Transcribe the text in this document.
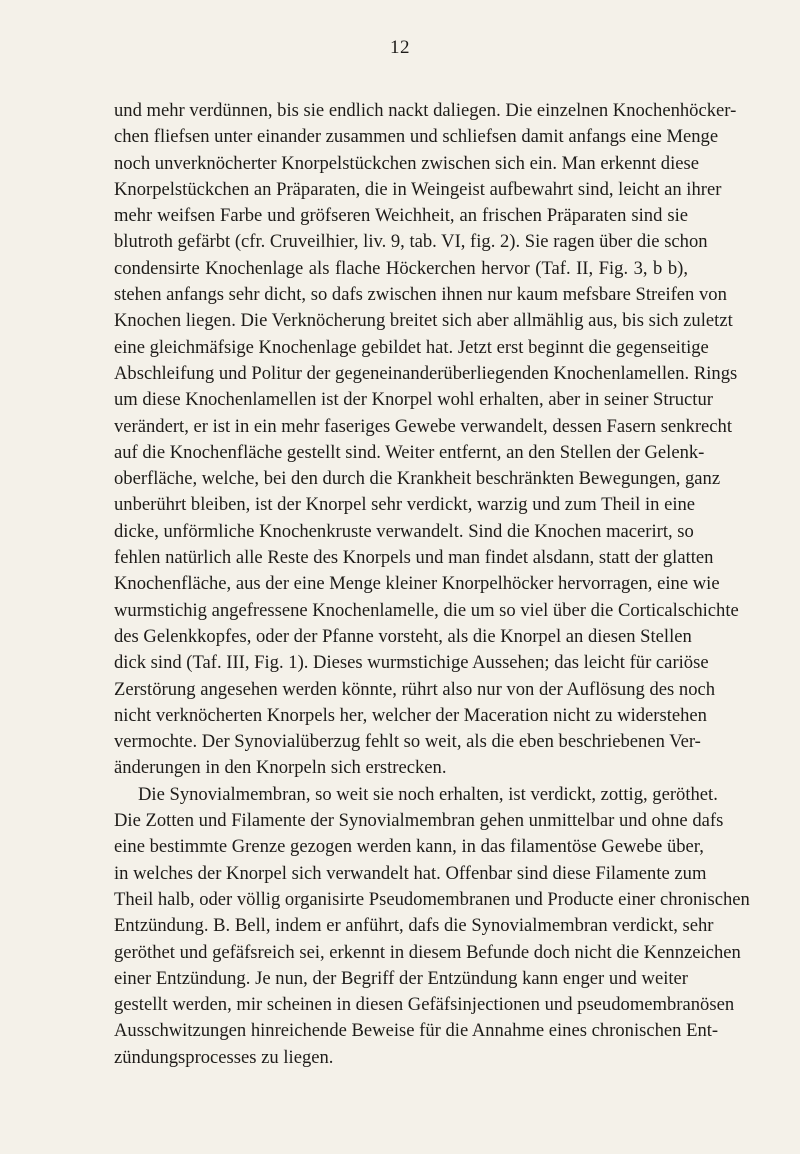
12
und mehr verdünnen, bis sie endlich nackt daliegen. Die einzelnen Knochenhöcker-
chen fliefsen unter einander zusammen und schliefsen damit anfangs eine Menge
noch unverknöcherter Knorpelstückchen zwischen sich ein. Man erkennt diese
Knorpelstückchen an Präparaten, die in Weingeist aufbewahrt sind, leicht an ihrer
mehr weifsen Farbe und gröfseren Weichheit, an frischen Präparaten sind sie
blutroth gefärbt (cfr. Cruveilhier, liv. 9, tab. VI, fig. 2). Sie ragen über die schon
condensirte Knochenlage als flache Höckerchen hervor (Taf. II, Fig. 3, b b),
stehen anfangs sehr dicht, so dafs zwischen ihnen nur kaum mefsbare Streifen von
Knochen liegen. Die Verknöcherung breitet sich aber allmählig aus, bis sich zuletzt
eine gleichmäfsige Knochenlage gebildet hat. Jetzt erst beginnt die gegenseitige
Abschleifung und Politur der gegeneinanderüberliegenden Knochenlamellen. Rings
um diese Knochenlamellen ist der Knorpel wohl erhalten, aber in seiner Structur
verändert, er ist in ein mehr faseriges Gewebe verwandelt, dessen Fasern senkrecht
auf die Knochenfläche gestellt sind. Weiter entfernt, an den Stellen der Gelenk-
oberfläche, welche, bei den durch die Krankheit beschränkten Bewegungen, ganz
unberührt bleiben, ist der Knorpel sehr verdickt, warzig und zum Theil in eine
dicke, unförmliche Knochenkruste verwandelt. Sind die Knochen macerirt, so
fehlen natürlich alle Reste des Knorpels und man findet alsdann, statt der glatten
Knochenfläche, aus der eine Menge kleiner Knorpelhöcker hervorragen, eine wie
wurmstichig angefressene Knochenlamelle, die um so viel über die Corticalschichte
des Gelenkkopfes, oder der Pfanne vorsteht, als die Knorpel an diesen Stellen
dick sind (Taf. III, Fig. 1). Dieses wurmstichige Aussehen; das leicht für cariöse
Zerstörung angesehen werden könnte, rührt also nur von der Auflösung des noch
nicht verknöcherten Knorpels her, welcher der Maceration nicht zu widerstehen
vermochte. Der Synovialüberzug fehlt so weit, als die eben beschriebenen Ver-
änderungen in den Knorpeln sich erstrecken.
Die Synovialmembran, so weit sie noch erhalten, ist verdickt, zottig, geröthet.
Die Zotten und Filamente der Synovialmembran gehen unmittelbar und ohne dafs
eine bestimmte Grenze gezogen werden kann, in das filamentöse Gewebe über,
in welches der Knorpel sich verwandelt hat. Offenbar sind diese Filamente zum
Theil halb, oder völlig organisirte Pseudomembranen und Producte einer chronischen
Entzündung. B. Bell, indem er anführt, dafs die Synovialmembran verdickt, sehr
geröthet und gefäfsreich sei, erkennt in diesem Befunde doch nicht die Kennzeichen
einer Entzündung. Je nun, der Begriff der Entzündung kann enger und weiter
gestellt werden, mir scheinen in diesen Gefäfsinjectionen und pseudomembranösen
Ausschwitzungen hinreichende Beweise für die Annahme eines chronischen Ent-
zündungsprocesses zu liegen.
